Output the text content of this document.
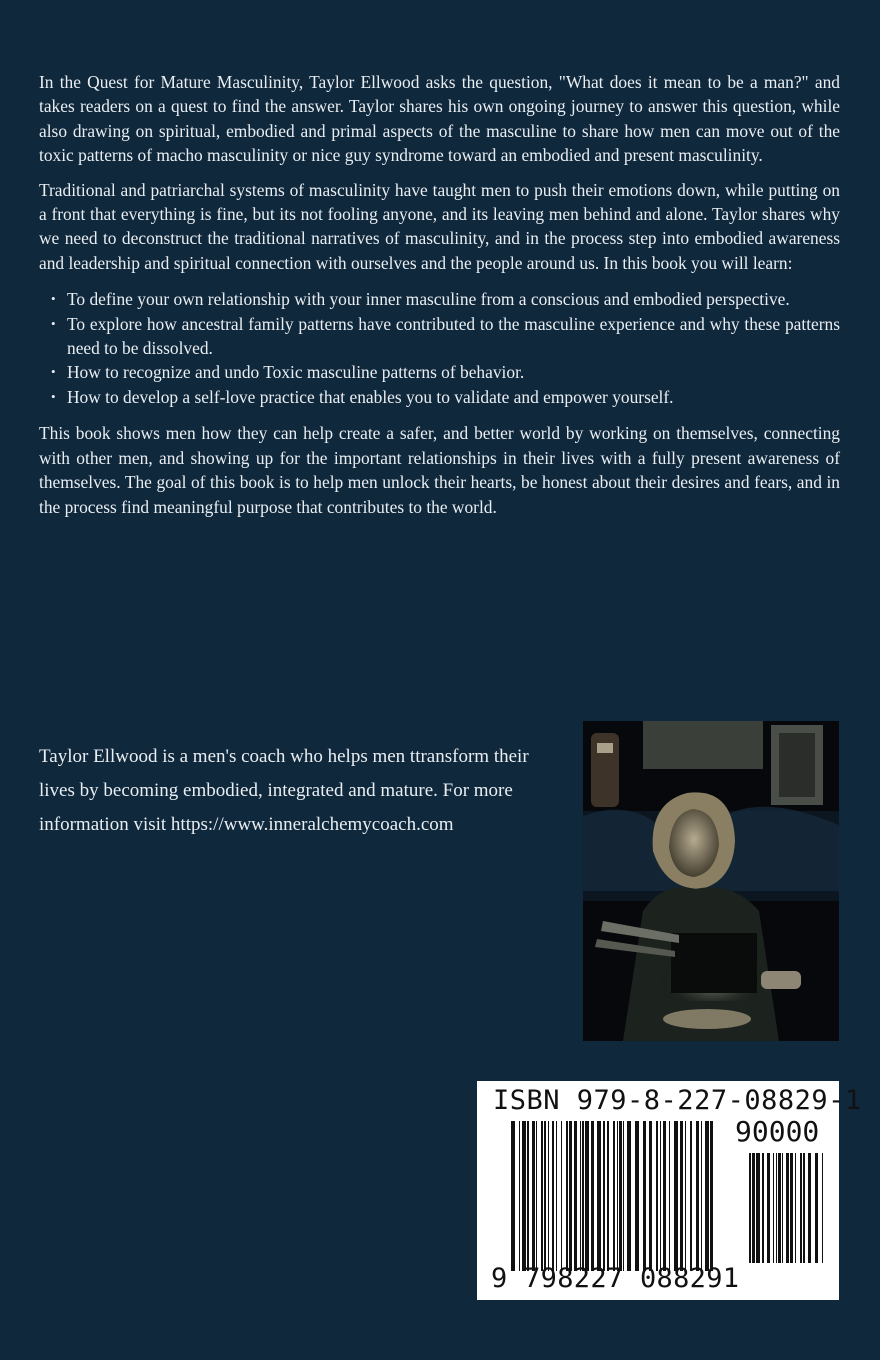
In the Quest for Mature Masculinity, Taylor Ellwood asks the question, "What does it mean to be a man?" and takes readers on a quest to find the answer. Taylor shares his own ongoing journey to answer this question, while also drawing on spiritual, embodied and primal aspects of the masculine to share how men can move out of the toxic patterns of macho masculinity or nice guy syndrome toward an embodied and present masculinity.

Traditional and patriarchal systems of masculinity have taught men to push their emotions down, while putting on a front that everything is fine, but its not fooling anyone, and its leaving men behind and alone. Taylor shares why we need to deconstruct the traditional narratives of masculinity, and in the process step into embodied awareness and leadership and spiritual connection with ourselves and the people around us. In this book you will learn:

• To define your own relationship with your inner masculine from a conscious and embodied perspective.
• To explore how ancestral family patterns have contributed to the masculine experience and why these patterns need to be dissolved.
• How to recognize and undo Toxic masculine patterns of behavior.
• How to develop a self-love practice that enables you to validate and empower yourself.

This book shows men how they can help create a safer, and better world by working on themselves, connecting with other men, and showing up for the important relationships in their lives with a fully present awareness of themselves. The goal of this book is to help men unlock their hearts, be honest about their desires and fears, and in the process find meaningful purpose that contributes to the world.

Taylor Ellwood is a men's coach who helps men ttransform their lives by becoming embodied, integrated and mature. For more information visit https://www.inneralchemycoach.com
ISBN 979-8-227-08829-1
90000
9 798227 088291
